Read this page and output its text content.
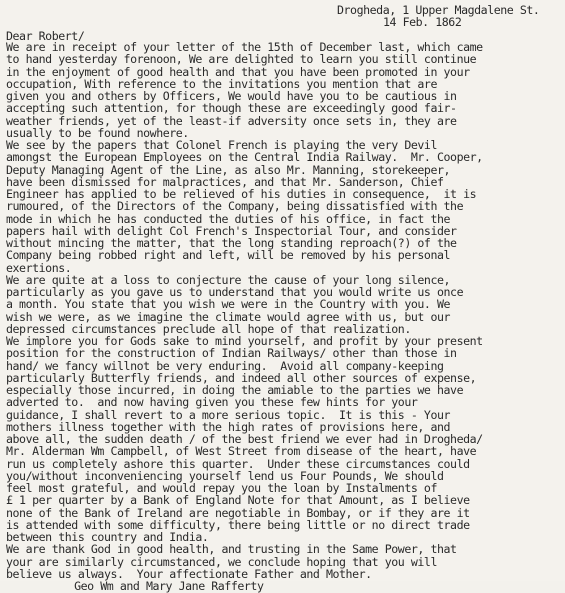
Drogheda, 1 Upper Magdalene St.
14 Feb. 1862
Dear Robert/
We are in receipt of your letter of the 15th of December last, which came
to hand yesterday forenoon, We are delighted to learn you still continue
in the enjoyment of good health and that you have been promoted in your
occupation, With reference to the invitations you mention that are
given you and others by Officers, We would have you to be cautious in
accepting such attention, for though these are exceedingly good fair-
weather friends, yet of the least-if adversity once sets in, they are
usually to be found nowhere.
We see by the papers that Colonel French is playing the very Devil
amongst the European Employees on the Central India Railway.  Mr. Cooper,
Deputy Managing Agent of the Line, as also Mr. Manning, storekeeper,
have been dismissed for malpractices, and that Mr. Sanderson, Chief
Engineer has applied to be relieved of his duties in consequence,  it is
rumoured, of the Directors of the Company, being dissatisfied with the
mode in which he has conducted the duties of his office, in fact the
papers hail with delight Col French's Inspectorial Tour, and consider
without mincing the matter, that the long standing reproach(?) of the
Company being robbed right and left, will be removed by his personal
exertions.
We are quite at a loss to conjecture the cause of your long silence,
particularly as you gave us to understand that you would write us once
a month. You state that you wish we were in the Country with you. We
wish we were, as we imagine the climate would agree with us, but our
depressed circumstances preclude all hope of that realization.
We implore you for Gods sake to mind yourself, and profit by your present
position for the construction of Indian Railways/ other than those in
hand/ we fancy willnot be very enduring.  Avoid all company-keeping
particularly Butterfly friends, and indeed all other sources of expense,
especially those incurred, in doing the amiable to the parties we have
adverted to.  and now having given you these few hints for your
guidance, I shall revert to a more serious topic.  It is this - Your
mothers illness together with the high rates of provisions here, and
above all, the sudden death / of the best friend we ever had in Drogheda/
Mr. Alderman Wm Campbell, of West Street from disease of the heart, have
run us completely ashore this quarter.  Under these circumstances could
you/without inconveniencing yourself lend us Four Pounds, We should
feel most grateful, and would repay you the loan by Instalments of
£ 1 per quarter by a Bank of England Note for that Amount, as I believe
none of the Bank of Ireland are negotiable in Bombay, or if they are it
is attended with some difficulty, there being little or no direct trade
between this country and India.
We are thank God in good health, and trusting in the Same Power, that
your are similarly circumstanced, we conclude hoping that you will
believe us always.  Your affectionate Father and Mother.
Geo Wm and Mary Jane Rafferty
